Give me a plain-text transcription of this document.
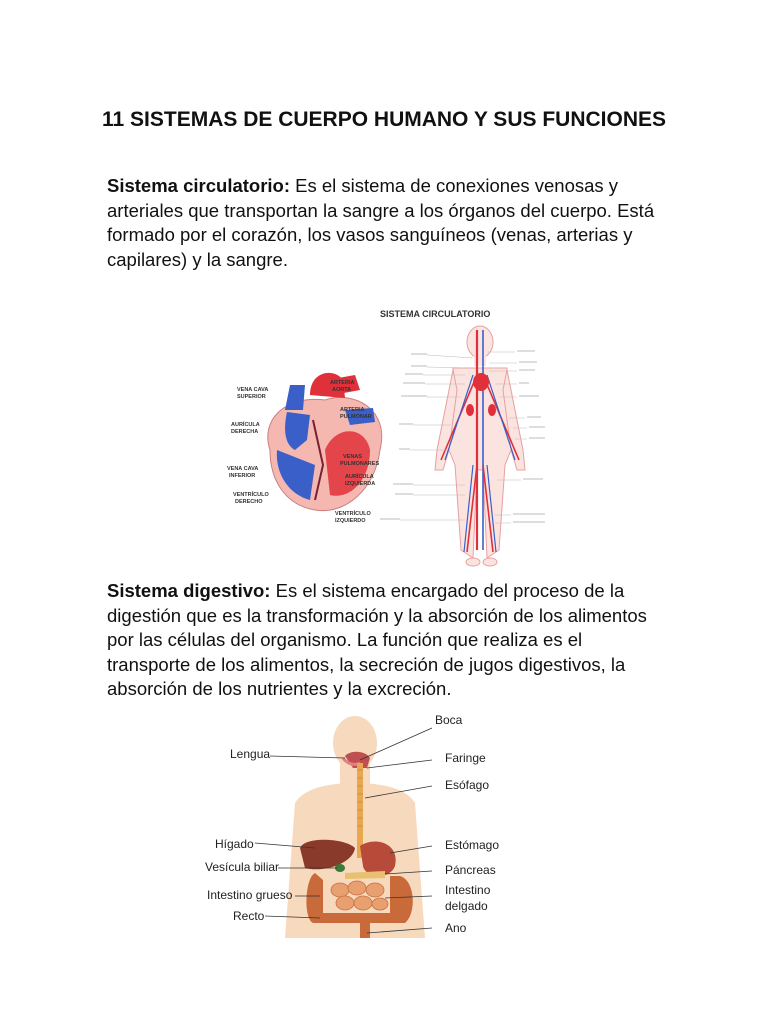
11 SISTEMAS DE CUERPO HUMANO Y SUS FUNCIONES

Sistema circulatorio: Es el sistema de conexiones venosas y arteriales que transportan la sangre a los órganos del cuerpo. Está formado por el corazón, los vasos sanguíneos (venas, arterias y capilares) y la sangre.

SISTEMA CIRCULATORIO
VENA CAVA
SUPERIOR
ARTERIA
AORTA
ARTERIA
PULMONAR
AURÍCULA
DERECHA
VENAS
PULMONARES
VENA CAVA
INFERIOR	AURÍCULA
IZQUIERDA
VENTRÍCULO
DERECHO
VENTRÍCULO
IZQUIERDO

Sistema digestivo: Es el sistema encargado del proceso de la digestión que es la transformación y la absorción de los alimentos por las células del organismo. La función que realiza es el transporte de los alimentos, la secreción de jugos digestivos, la absorción de los nutrientes y la excreción.

Boca
Lengua	Faringe
Esófago
Hígado	Estómago
Vesícula biliar	Páncreas
Intestino grueso	Intestino
delgado
Recto
Ano
